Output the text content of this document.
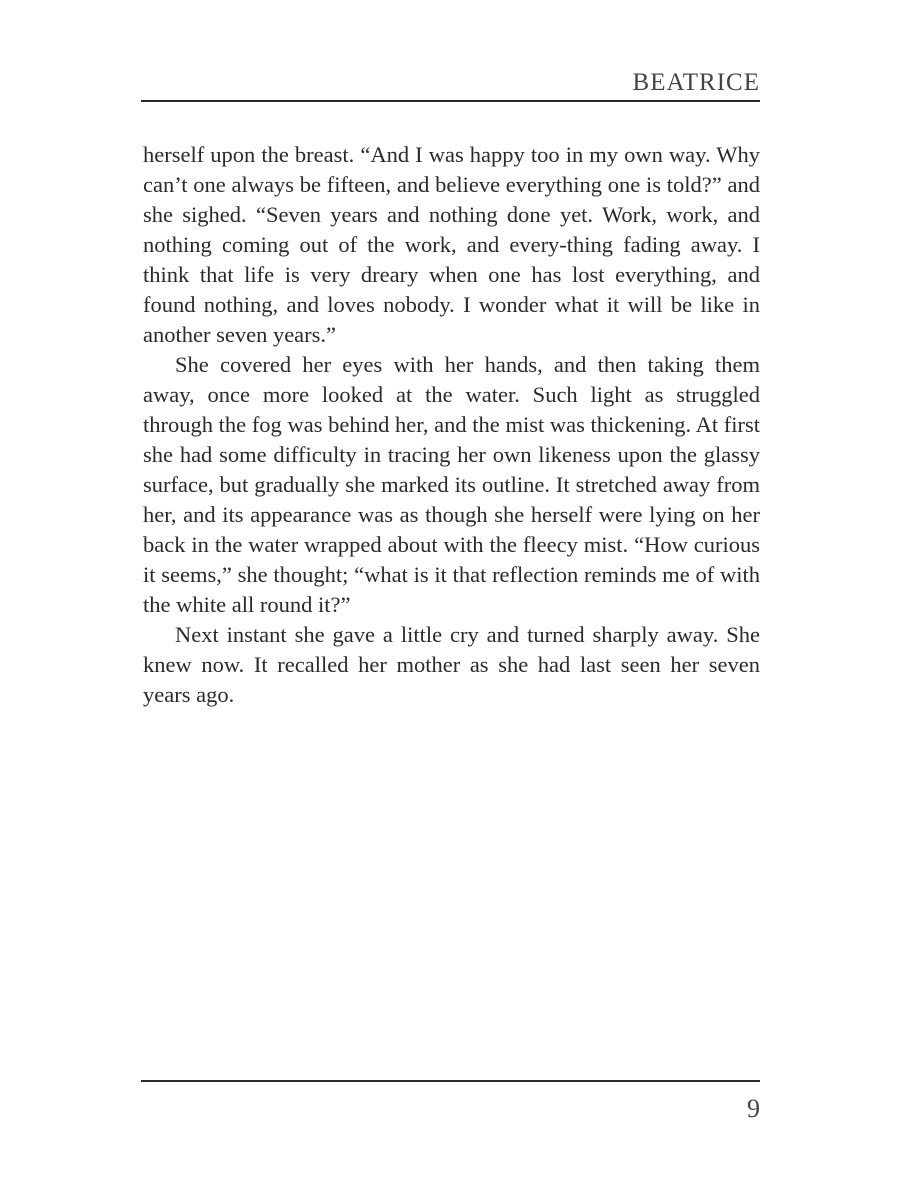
BEATRICE

herself upon the breast. “And I was happy too in my own way. Why can’t one always be fifteen, and believe everything one is told?” and she sighed. “Seven years and nothing done yet. Work, work, and nothing coming out of the work, and every-thing fading away. I think that life is very dreary when one has lost everything, and found nothing, and loves nobody. I wonder what it will be like in another seven years.”

She covered her eyes with her hands, and then taking them away, once more looked at the water. Such light as struggled through the fog was behind her, and the mist was thickening. At first she had some difficulty in tracing her own likeness upon the glassy surface, but gradually she marked its outline. It stretched away from her, and its appearance was as though she herself were lying on her back in the water wrapped about with the fleecy mist. “How curious it seems,” she thought; “what is it that reflection reminds me of with the white all round it?”

Next instant she gave a little cry and turned sharply away. She knew now. It recalled her mother as she had last seen her seven years ago.

9
